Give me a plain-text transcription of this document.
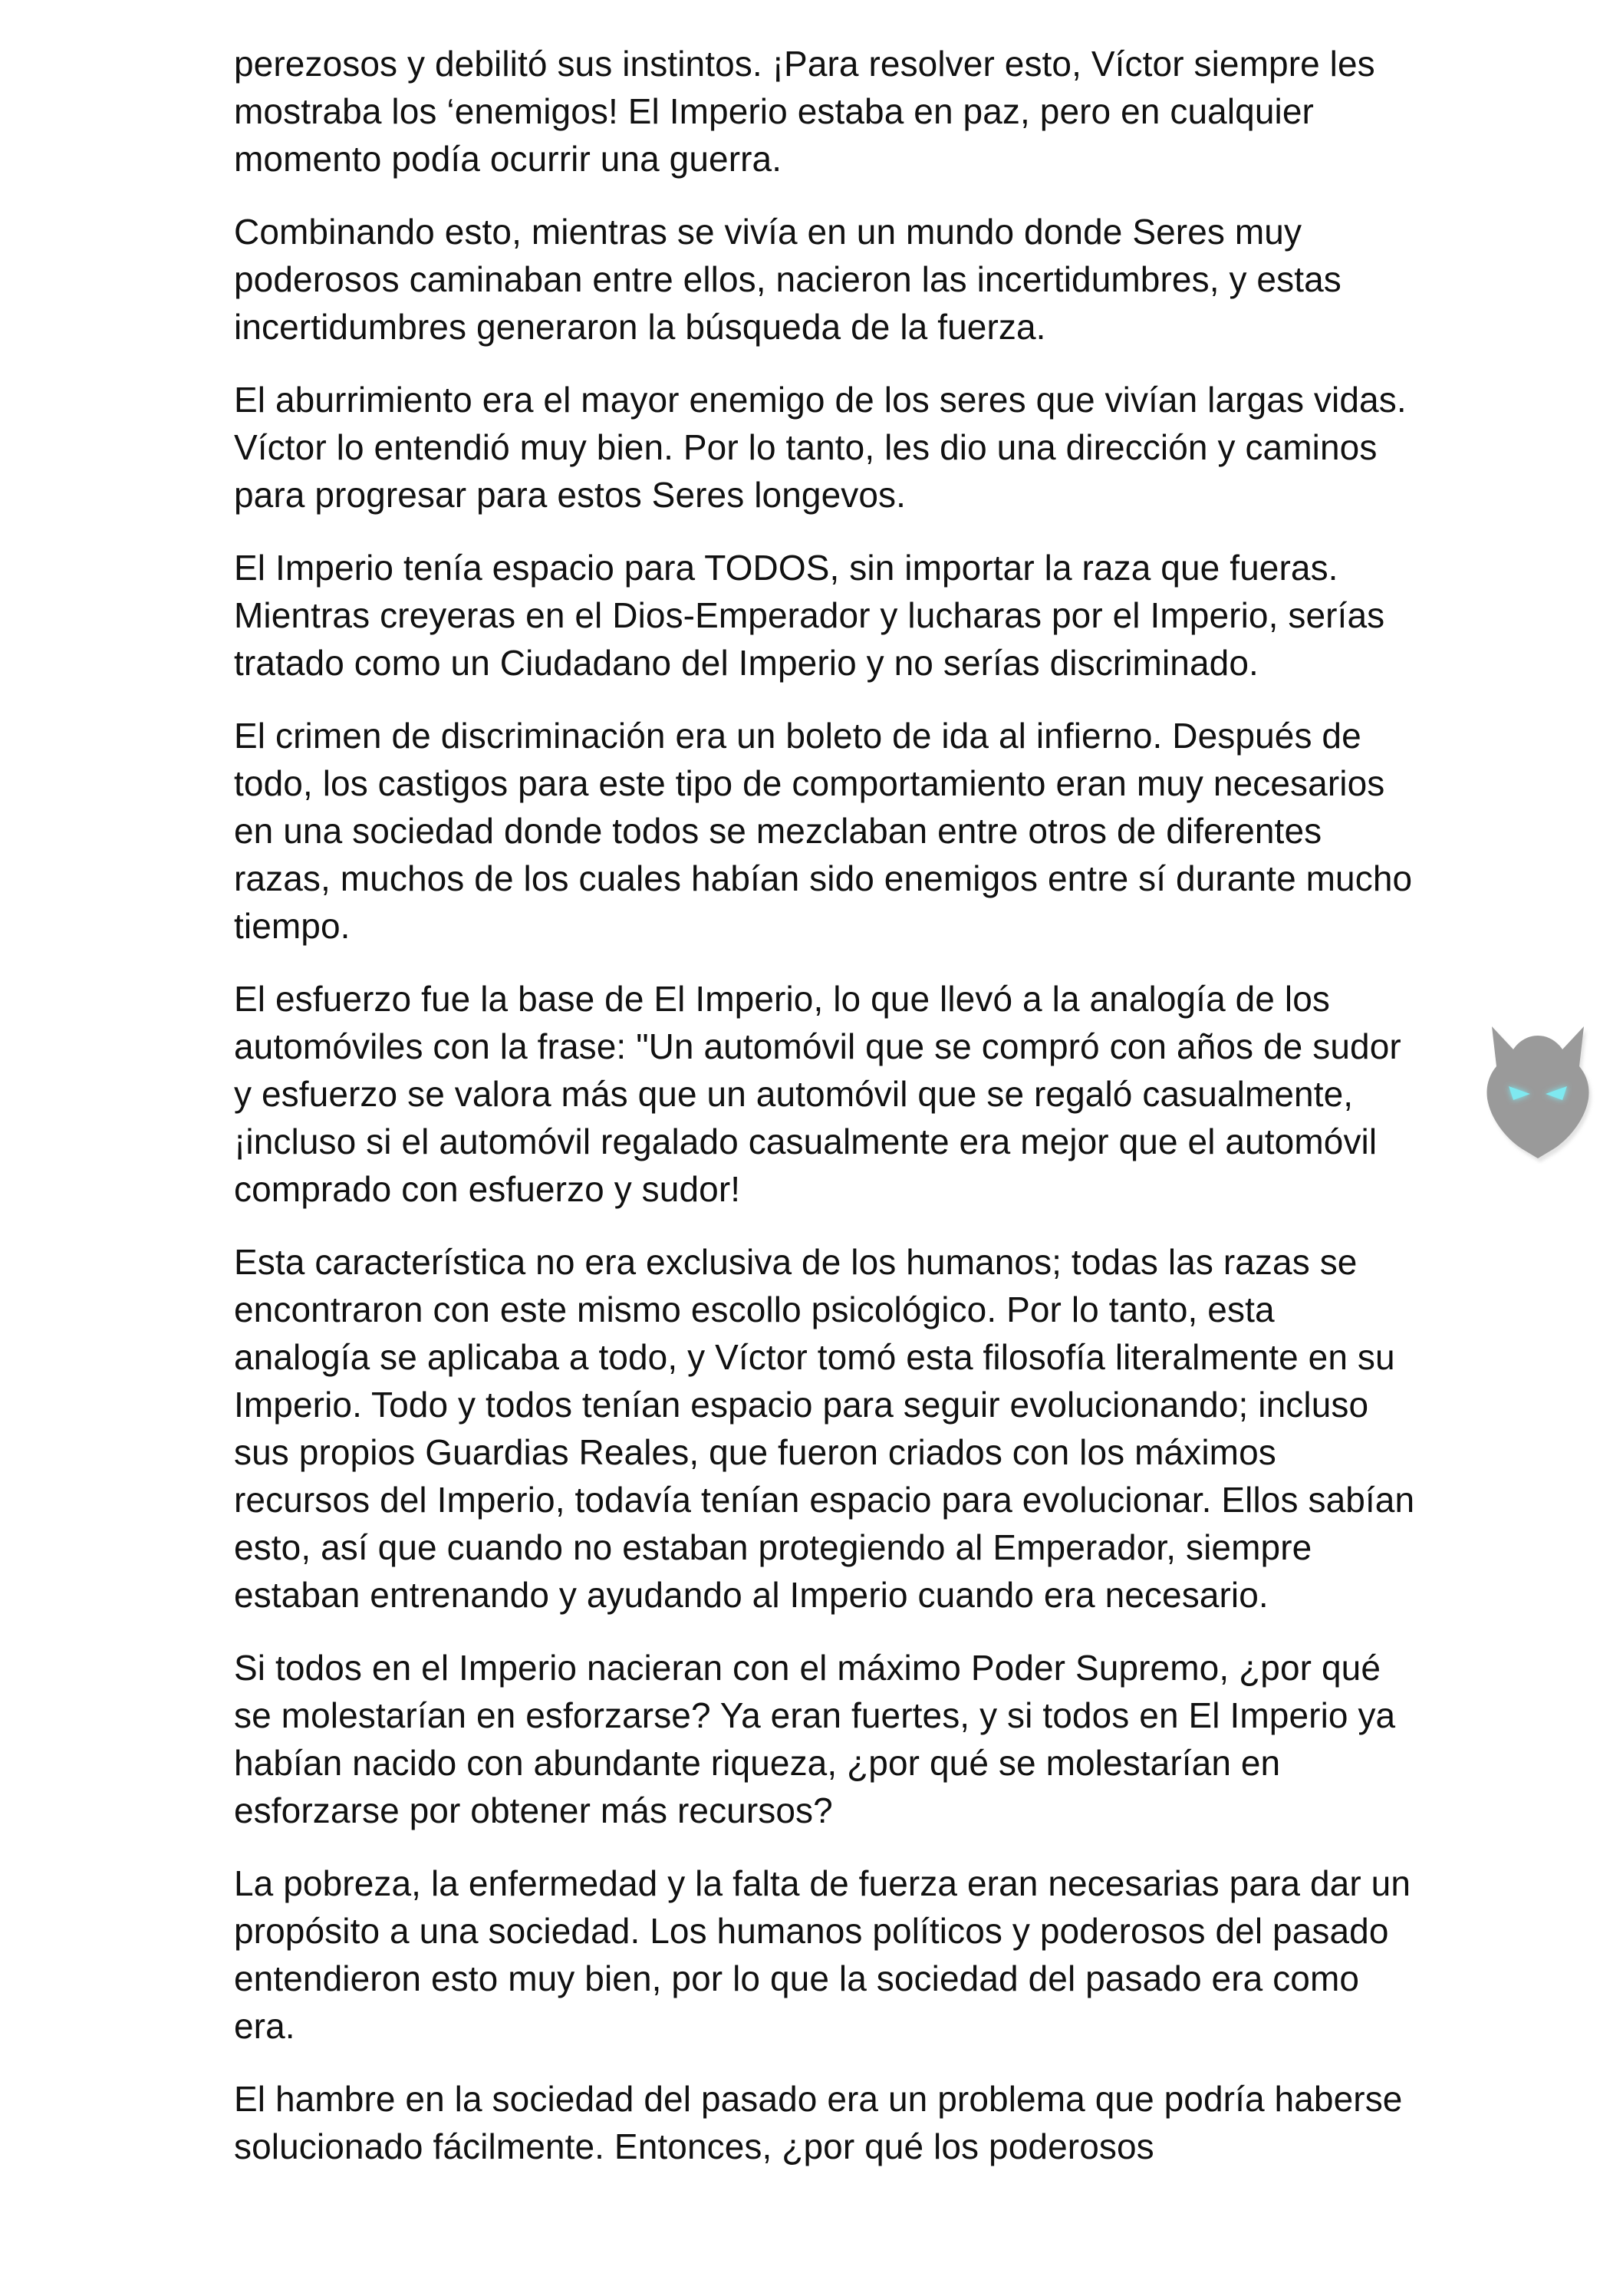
perezosos y debilitó sus instintos. ¡Para resolver esto, Víctor siempre les mostraba los ‘enemigos! El Imperio estaba en paz, pero en cualquier momento podía ocurrir una guerra.

Combinando esto, mientras se vivía en un mundo donde Seres muy poderosos caminaban entre ellos, nacieron las incertidumbres, y estas incertidumbres generaron la búsqueda de la fuerza.

El aburrimiento era el mayor enemigo de los seres que vivían largas vidas. Víctor lo entendió muy bien. Por lo tanto, les dio una dirección y caminos para progresar para estos Seres longevos.

El Imperio tenía espacio para TODOS, sin importar la raza que fueras. Mientras creyeras en el Dios-Emperador y lucharas por el Imperio, serías tratado como un Ciudadano del Imperio y no serías discriminado.

El crimen de discriminación era un boleto de ida al infierno. Después de todo, los castigos para este tipo de comportamiento eran muy necesarios en una sociedad donde todos se mezclaban entre otros de diferentes razas, muchos de los cuales habían sido enemigos entre sí durante mucho tiempo.

El esfuerzo fue la base de El Imperio, lo que llevó a la analogía de los automóviles con la frase: "Un automóvil que se compró con años de sudor y esfuerzo se valora más que un automóvil que se regaló casualmente, ¡incluso si el automóvil regalado casualmente era mejor que el automóvil comprado con esfuerzo y sudor!

Esta característica no era exclusiva de los humanos; todas las razas se encontraron con este mismo escollo psicológico. Por lo tanto, esta analogía se aplicaba a todo, y Víctor tomó esta filosofía literalmente en su Imperio. Todo y todos tenían espacio para seguir evolucionando; incluso sus propios Guardias Reales, que fueron criados con los máximos recursos del Imperio, todavía tenían espacio para evolucionar. Ellos sabían esto, así que cuando no estaban protegiendo al Emperador, siempre estaban entrenando y ayudando al Imperio cuando era necesario.

Si todos en el Imperio nacieran con el máximo Poder Supremo, ¿por qué se molestarían en esforzarse? Ya eran fuertes, y si todos en El Imperio ya habían nacido con abundante riqueza, ¿por qué se molestarían en esforzarse por obtener más recursos?

La pobreza, la enfermedad y la falta de fuerza eran necesarias para dar un propósito a una sociedad. Los humanos políticos y poderosos del pasado entendieron esto muy bien, por lo que la sociedad del pasado era como era.

El hambre en la sociedad del pasado era un problema que podría haberse solucionado fácilmente. Entonces, ¿por qué los poderosos
